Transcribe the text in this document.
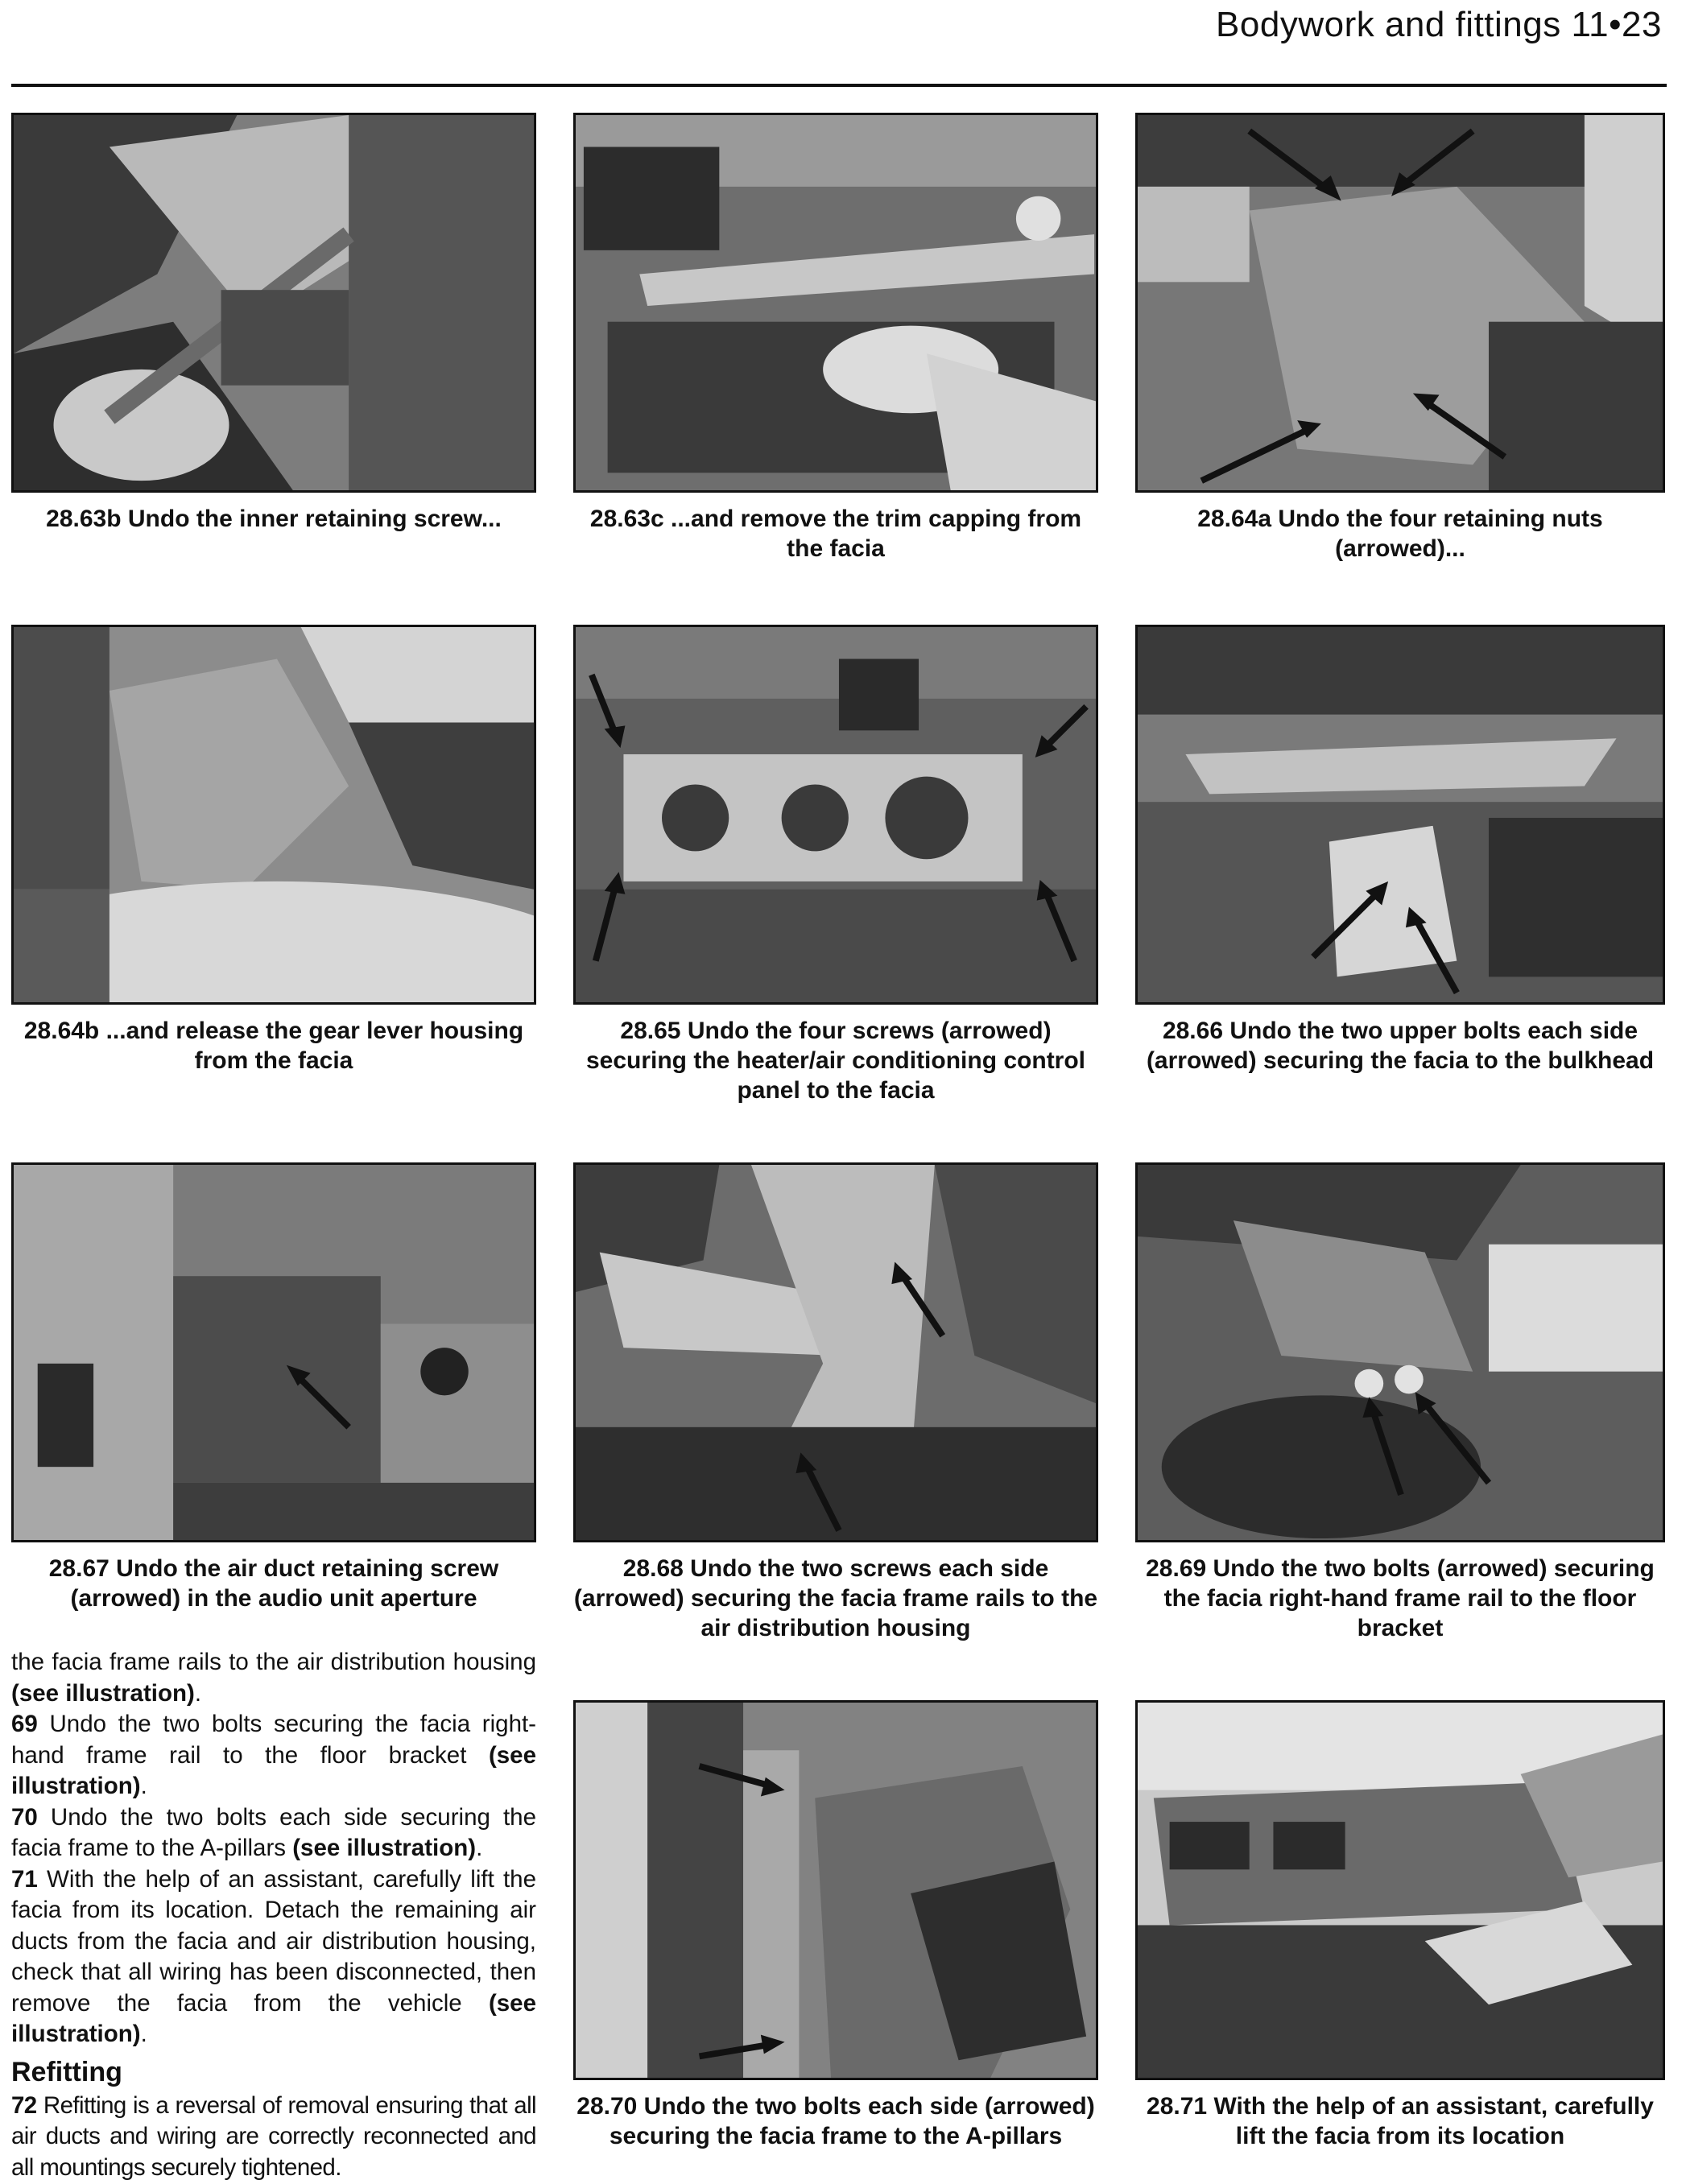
Bodywork and fittings 11•23
28.63b Undo the inner retaining screw...	28.63c ...and remove the trim capping from the facia
28.64a Undo the four retaining nuts (arrowed)...
28.64b ...and release the gear lever housing from the facia
28.65 Undo the four screws (arrowed) securing the heater/air conditioning control panel to the facia
28.66 Undo the two upper bolts each side (arrowed) securing the facia to the bulkhead
28.67 Undo the air duct retaining screw (arrowed) in the audio unit aperture
28.68 Undo the two screws each side (arrowed) securing the facia frame rails to the air distribution housing
28.69 Undo the two bolts (arrowed) securing the facia right-hand frame rail to the floor bracket
28.70 Undo the two bolts each side (arrowed) securing the facia frame to the A-pillars
28.71 With the help of an assistant, carefully lift the facia from its location

the facia frame rails to the air distribution housing (see illustration).

69 Undo the two bolts securing the facia right-hand frame rail to the floor bracket (see illustration).

70 Undo the two bolts each side securing the facia frame to the A-pillars (see illustration).

71 With the help of an assistant, carefully lift the facia from its location. Detach the remaining air ducts from the facia and air distribution housing, check that all wiring has been disconnected, then remove the facia from the vehicle (see illustration).

Refitting

72 Refitting is a reversal of removal ensuring that all air ducts and wiring are correctly reconnected and all mountings securely tightened.
